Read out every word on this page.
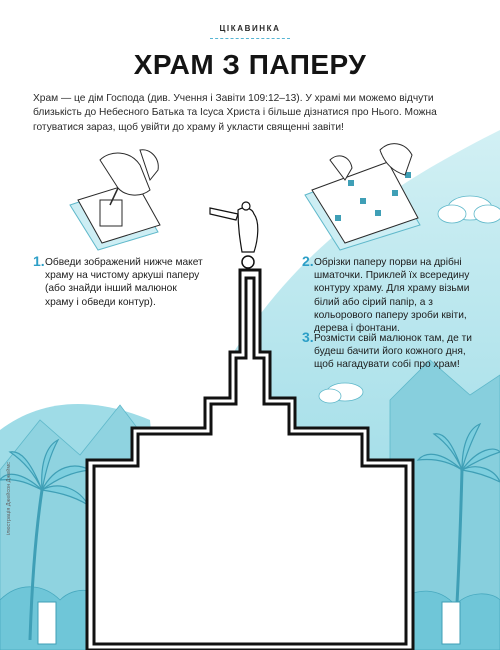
ЦІКАВИНКА
ХРАМ З ПАПЕРУ
Храм — це дім Господа (див. Учення і Завіти 109:12–13). У храмі ми можемо відчути близькість до Небесного Батька та Ісуса Христа і більше дізнатися про Нього. Можна готуватися зараз, щоб увійти до храму й укласти священні завіти!
1. Обведи зображений нижче макет храму на чистому аркуші паперу (або знайди інший малюнок храму і обведи контур).
2. Обрізки паперу порви на дрібні шматочки. Приклей їх всередину контуру храму. Для храму візьми білий або сірий папір, а з кольорового паперу зроби квіти, дерева і фонтани.
3. Розмісти свій малюнок там, де ти будеш бачити його кожного дня, щоб нагадувати собі про храм!
ілюстрація Джейсон Джеймс
